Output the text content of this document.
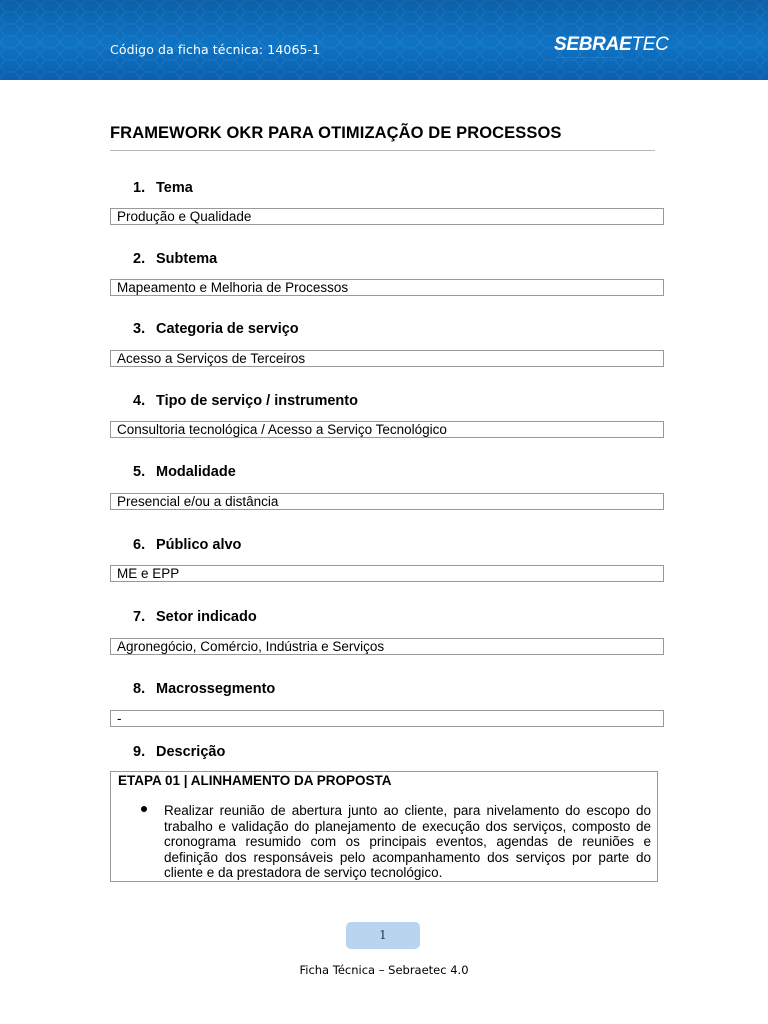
Código da ficha técnica: 14065-1	SEBRAETEC
··········································
FRAMEWORK OKR PARA OTIMIZAÇÃO DE PROCESSOS
1. Tema
Produção e Qualidade
2. Subtema
Mapeamento e Melhoria de Processos
3. Categoria de serviço
Acesso a Serviços de Terceiros
4. Tipo de serviço / instrumento
Consultoria tecnológica / Acesso a Serviço Tecnológico
5. Modalidade
Presencial e/ou a distância
6. Público alvo
ME e EPP
7. Setor indicado
Agronegócio, Comércio, Indústria e Serviços
8. Macrossegmento
-
9. Descrição
ETAPA 01 | ALINHAMENTO DA PROPOSTA
Realizar reunião de abertura junto ao cliente, para nivelamento do escopo do trabalho e validação do planejamento de execução dos serviços, composto de cronograma resumido com os principais eventos, agendas de reuniões e definição dos responsáveis pelo acompanhamento dos serviços por parte do cliente e da prestadora de serviço tecnológico.
1
Ficha Técnica – Sebraetec 4.0
